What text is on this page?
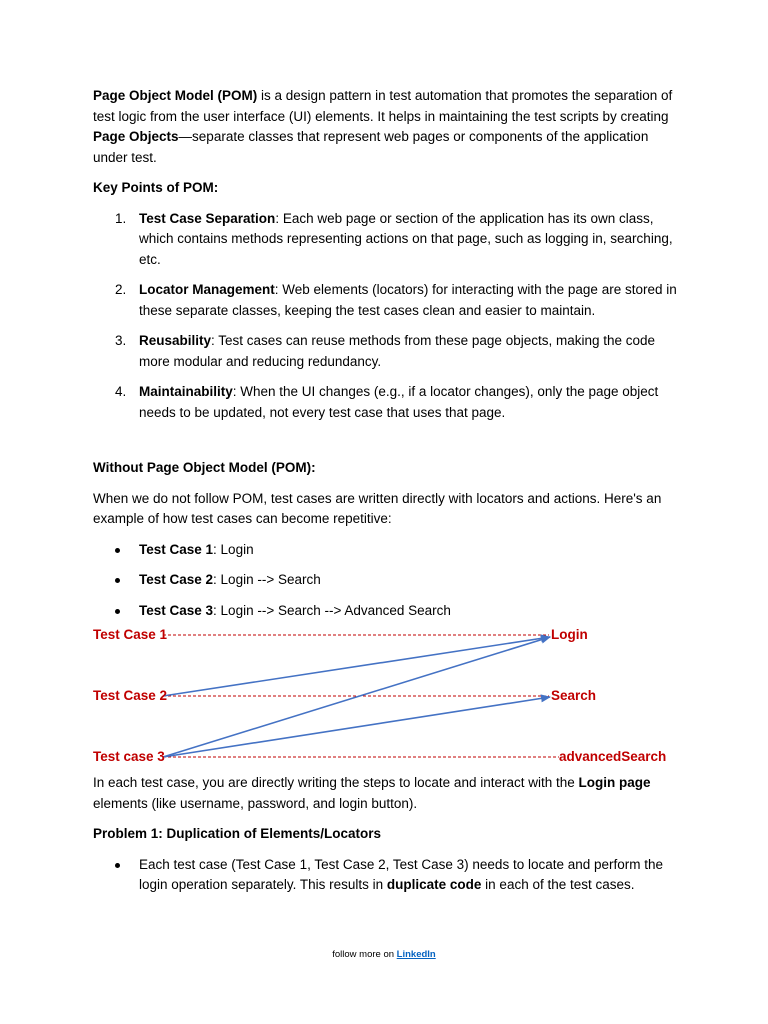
Page Object Model (POM) is a design pattern in test automation that promotes the separation of test logic from the user interface (UI) elements. It helps in maintaining the test scripts by creating Page Objects—separate classes that represent web pages or components of the application under test.

Key Points of POM:

1. Test Case Separation: Each web page or section of the application has its own class, which contains methods representing actions on that page, such as logging in, searching, etc.
2. Locator Management: Web elements (locators) for interacting with the page are stored in these separate classes, keeping the test cases clean and easier to maintain.
3. Reusability: Test cases can reuse methods from these page objects, making the code more modular and reducing redundancy.
4. Maintainability: When the UI changes (e.g., if a locator changes), only the page object needs to be updated, not every test case that uses that page.

Without Page Object Model (POM):

When we do not follow POM, test cases are written directly with locators and actions. Here's an example of how test cases can become repetitive:

Test Case 1: Login
Test Case 2: Login --> Search
Test Case 3: Login --> Search --> Advanced Search
Test Case 1
Test Case 2
Test case 3
Login
Search
advancedSearch

In each test case, you are directly writing the steps to locate and interact with the Login page elements (like username, password, and login button).

Problem 1: Duplication of Elements/Locators

Each test case (Test Case 1, Test Case 2, Test Case 3) needs to locate and perform the login operation separately. This results in duplicate code in each of the test cases.
follow more on LinkedIn
